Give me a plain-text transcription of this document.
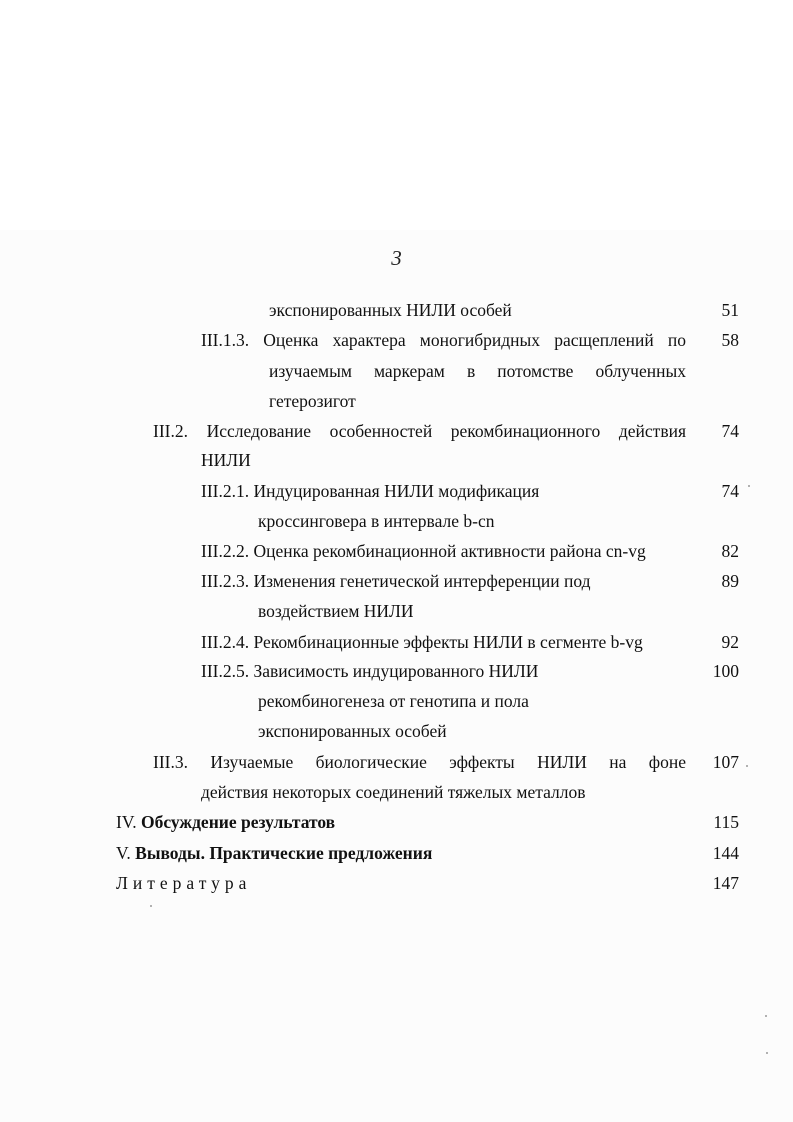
3
экспонированных НИЛИ особей	51
III.1.3. Оценка характера моногибридных расщеплений по 58
изучаемым маркерам в потомстве облученных
гетерозигот
III.2. Исследование особенностей рекомбинационного действия 74
НИЛИ
III.2.1. Индуцированная НИЛИ модификация	74
кроссинговера в интервале b-cn
III.2.2. Оценка рекомбинационной активности района cn-vg	82
III.2.3. Изменения генетической интерференции под	89
воздействием НИЛИ
III.2.4. Рекомбинационные эффекты НИЛИ в сегменте b-vg	92
III.2.5. Зависимость индуцированного НИЛИ	100
рекомбиногенеза от генотипа и пола
экспонированных особей
III.3. Изучаемые биологические эффекты НИЛИ на фоне 107
действия некоторых соединений тяжелых металлов
IV. Обсуждение результатов	115
V. Выводы. Практические предложения	144
Литература	147
